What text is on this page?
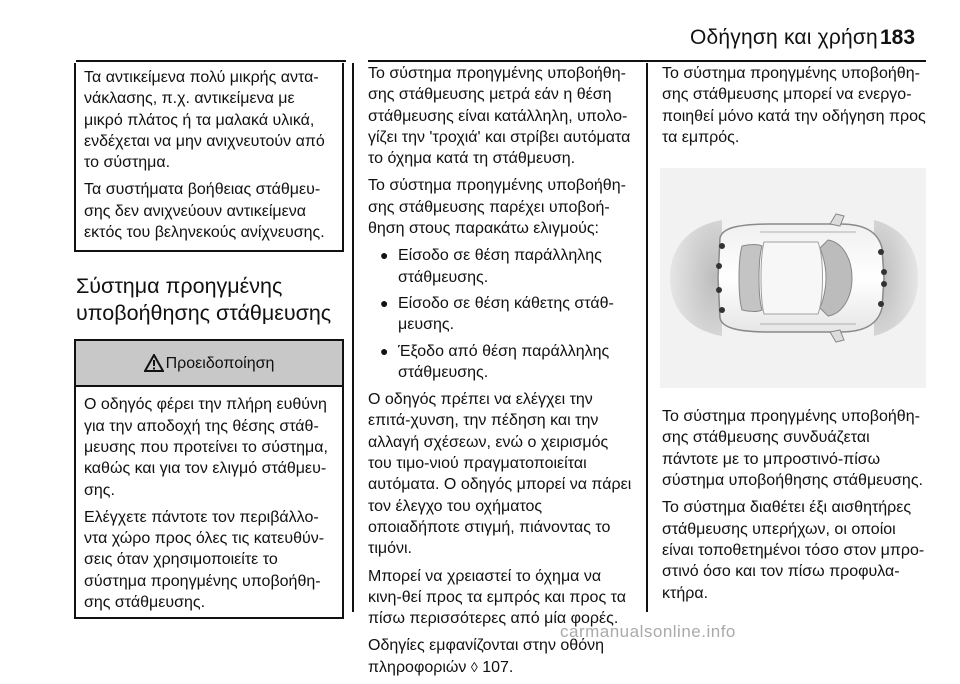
Οδήγηση και χρήση 183

Τα αντικείμενα πολύ μικρής αντα-νάκλασης, π.χ. αντικείμενα με μικρό πλάτος ή τα μαλακά υλικά, ενδέχεται να μην ανιχνευτούν από το σύστημα.

Τα συστήματα βοήθειας στάθμευ-σης δεν ανιχνεύουν αντικείμενα εκτός του βεληνεκούς ανίχνευσης.

Σύστημα προηγμένης
υποβοήθησης στάθμευσης
Προειδοποίηση

Ο οδηγός φέρει την πλήρη ευθύνη για την αποδοχή της θέσης στάθ-μευσης που προτείνει το σύστημα, καθώς και για τον ελιγμό στάθμευ-σης.

Ελέγχετε πάντοτε τον περιβάλλο-ντα χώρο προς όλες τις κατευθύν-σεις όταν χρησιμοποιείτε το σύστημα προηγμένης υποβοήθη-σης στάθμευσης.

Το σύστημα προηγμένης υποβοήθη-σης στάθμευσης μετρά εάν η θέση στάθμευσης είναι κατάλληλη, υπολο-γίζει την 'τροχιά' και στρίβει αυτόματα το όχημα κατά τη στάθμευση.

Το σύστημα προηγμένης υποβοήθη-σης στάθμευσης παρέχει υποβοή-θηση στους παρακάτω ελιγμούς:

● Είσοδο σε θέση παράλληλης στάθμευσης.
● Είσοδο σε θέση κάθετης στάθ-μευσης.
● Έξοδο από θέση παράλληλης στάθμευσης.

Ο οδηγός πρέπει να ελέγχει την επιτά-χυνση, την πέδηση και την αλλαγή σχέσεων, ενώ ο χειρισμός του τιμο-νιού πραγματοποιείται αυτόματα. Ο οδηγός μπορεί να πάρει τον έλεγχο του οχήματος οποιαδήποτε στιγμή, πιάνοντας το τιμόνι.

Μπορεί να χρειαστεί το όχημα να κινη-θεί προς τα εμπρός και προς τα πίσω περισσότερες από μία φορές.

Οδηγίες εμφανίζονται στην οθόνη πληροφοριών ◊ 107.

Το σύστημα προηγμένης υποβοήθη-σης στάθμευσης μπορεί να ενεργο-ποιηθεί μόνο κατά την οδήγηση προς τα εμπρός.

Το σύστημα προηγμένης υποβοήθη-σης στάθμευσης συνδυάζεται πάντοτε με το μπροστινό-πίσω σύστημα υποβοήθησης στάθμευσης.

Το σύστημα διαθέτει έξι αισθητήρες στάθμευσης υπερήχων, οι οποίοι είναι τοποθετημένοι τόσο στον μπρο-στινό όσο και τον πίσω προφυλα-κτήρα.

carmanualsonline.info
